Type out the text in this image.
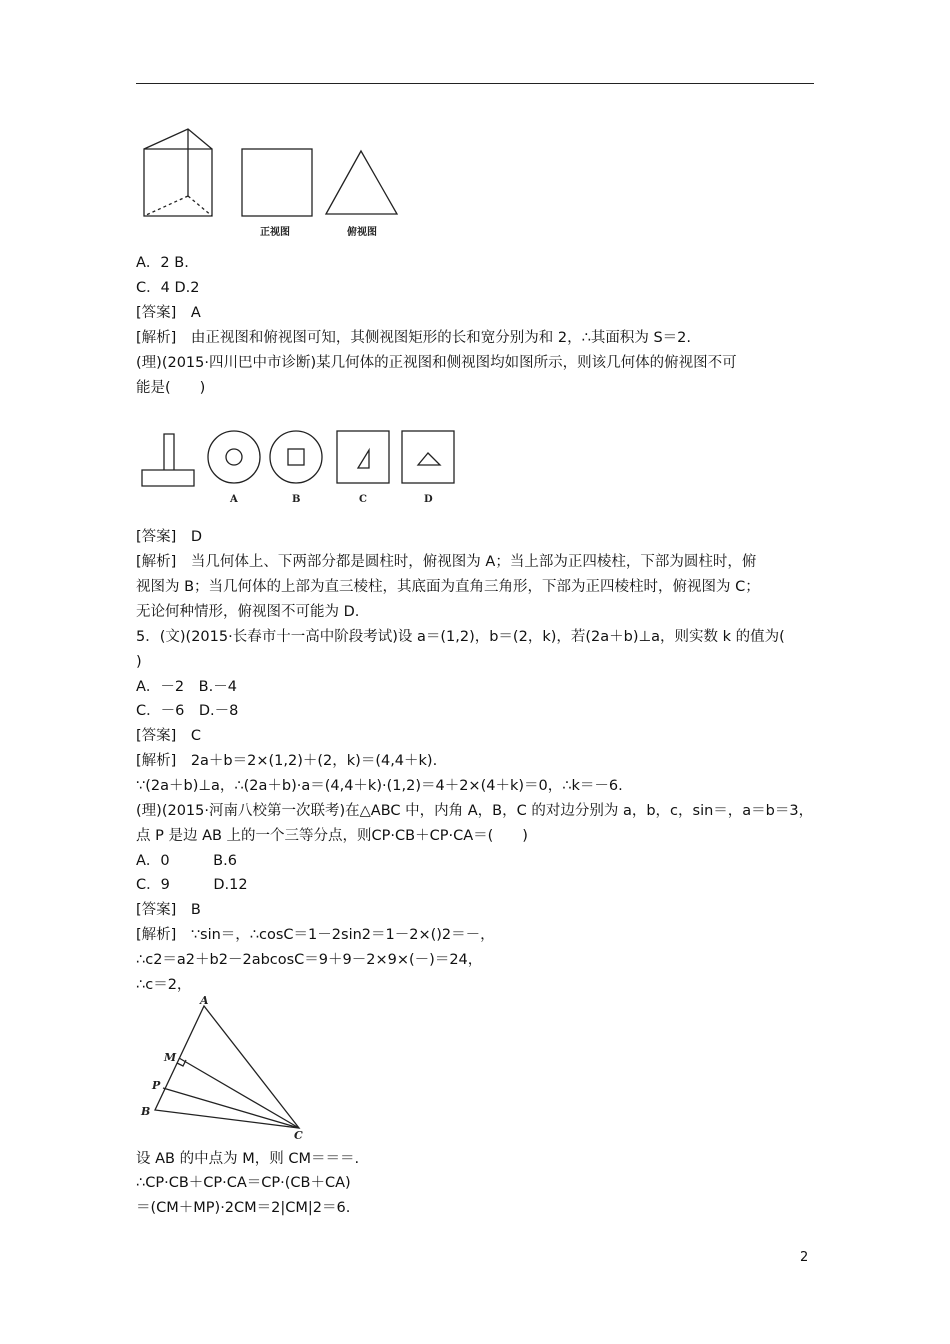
正视图	俯视图
A	B	C	D
A
M
P
B
C
A．2 B.
C．4 D.2
[答案]　A
[解析]　由正视图和俯视图可知，其侧视图矩形的长和宽分别为和 2，∴其面积为 S＝2.
(理)(2015·四川巴中市诊断)某几何体的正视图和侧视图均如图所示，则该几何体的俯视图不可
能是(　　)
[答案]　D
[解析]　当几何体上、下两部分都是圆柱时，俯视图为 A；当上部为正四棱柱，下部为圆柱时，俯
视图为 B；当几何体的上部为直三棱柱，其底面为直角三角形，下部为正四棱柱时，俯视图为 C；
无论何种情形，俯视图不可能为 D.
5．(文)(2015·长春市十一高中阶段考试)设 a＝(1,2)，b＝(2，k)，若(2a＋b)⊥a，则实数 k 的值为(
)
A．－2　B.－4
C．－6　D.－8
[答案]　C
[解析]　2a＋b＝2×(1,2)＋(2，k)＝(4,4＋k).
∵(2a＋b)⊥a，∴(2a＋b)·a＝(4,4＋k)·(1,2)＝4＋2×(4＋k)＝0，∴k＝－6.
(理)(2015·河南八校第一次联考)在△ABC 中，内角 A，B，C 的对边分别为 a，b，c，sin＝，a＝b＝3，
点 P 是边 AB 上的一个三等分点，则CP·CB＋CP·CA＝(　　)
A．0　　　B.6
C．9　　　D.12
[答案]　B
[解析]　∵sin＝，∴cosC＝1－2sin2＝1－2×()2＝－，
∴c2＝a2＋b2－2abcosC＝9＋9－2×9×(－)＝24，
∴c＝2，
设 AB 的中点为 M，则 CM＝＝＝.
∴CP·CB＋CP·CA＝CP·(CB＋CA)
＝(CM＋MP)·2CM＝2|CM|2＝6.
2
